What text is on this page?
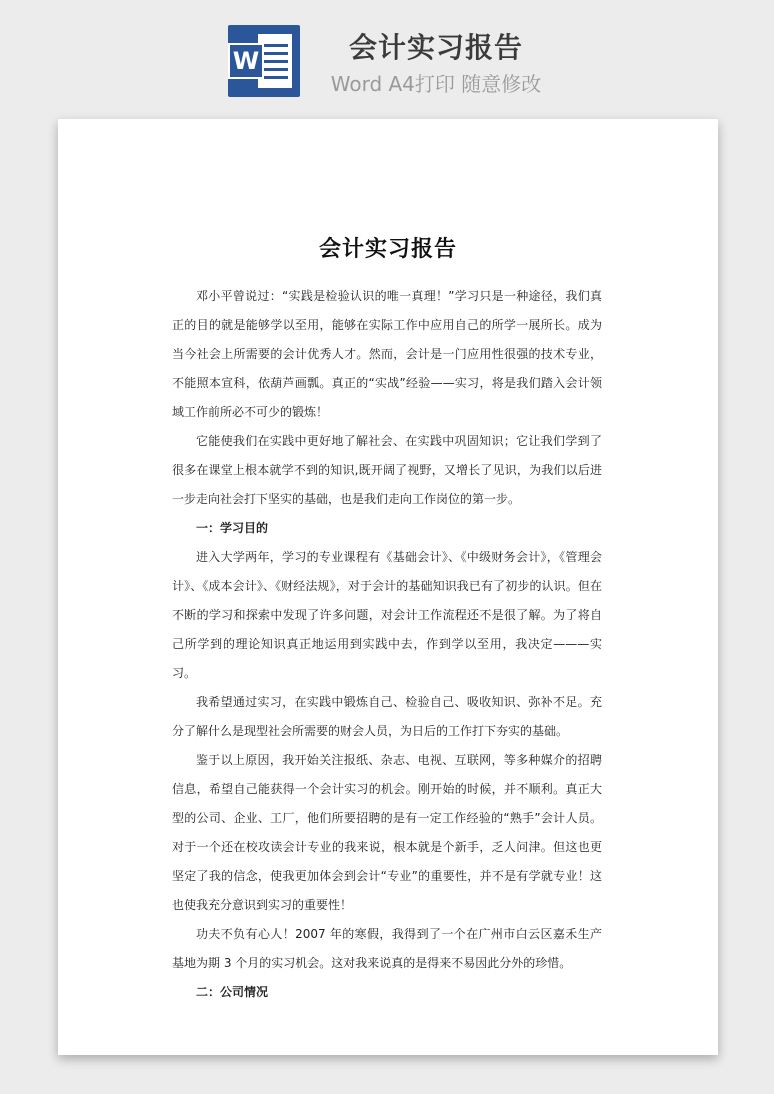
W	会计实习报告
Word A4打印 随意修改
会计实习报告

邓小平曾说过：“实践是检验认识的唯一真理！”学习只是一种途径，我们真正的目的就是能够学以至用，能够在实际工作中应用自己的所学一展所长。成为当今社会上所需要的会计优秀人才。然而，会计是一门应用性很强的技术专业，不能照本宣科，依葫芦画瓢。真正的“实战”经验——实习，将是我们踏入会计领域工作前所必不可少的锻炼！

它能使我们在实践中更好地了解社会、在实践中巩固知识；它让我们学到了很多在课堂上根本就学不到的知识,既开阔了视野，又增长了见识，为我们以后进一步走向社会打下坚实的基础，也是我们走向工作岗位的第一步。

一：学习目的

进入大学两年，学习的专业课程有《基础会计》、《中级财务会计》，《管理会计》、《成本会计》、《财经法规》，对于会计的基础知识我已有了初步的认识。但在不断的学习和探索中发现了许多问题，对会计工作流程还不是很了解。为了将自己所学到的理论知识真正地运用到实践中去，作到学以至用，我决定———实习。

我希望通过实习，在实践中锻炼自己、检验自己、吸收知识、弥补不足。充分了解什么是现型社会所需要的财会人员，为日后的工作打下夯实的基础。

鉴于以上原因，我开始关注报纸、杂志、电视、互联网，等多种媒介的招聘信息，希望自己能获得一个会计实习的机会。刚开始的时候，并不顺利。真正大型的公司、企业、工厂，他们所要招聘的是有一定工作经验的“熟手”会计人员。对于一个还在校攻读会计专业的我来说，根本就是个新手，乏人问津。但这也更坚定了我的信念，使我更加体会到会计“专业”的重要性，并不是有学就专业！这也使我充分意识到实习的重要性！

功夫不负有心人！2007 年的寒假，我得到了一个在广州市白云区嘉禾生产基地为期 3 个月的实习机会。这对我来说真的是得来不易因此分外的珍惜。

二：公司情况
